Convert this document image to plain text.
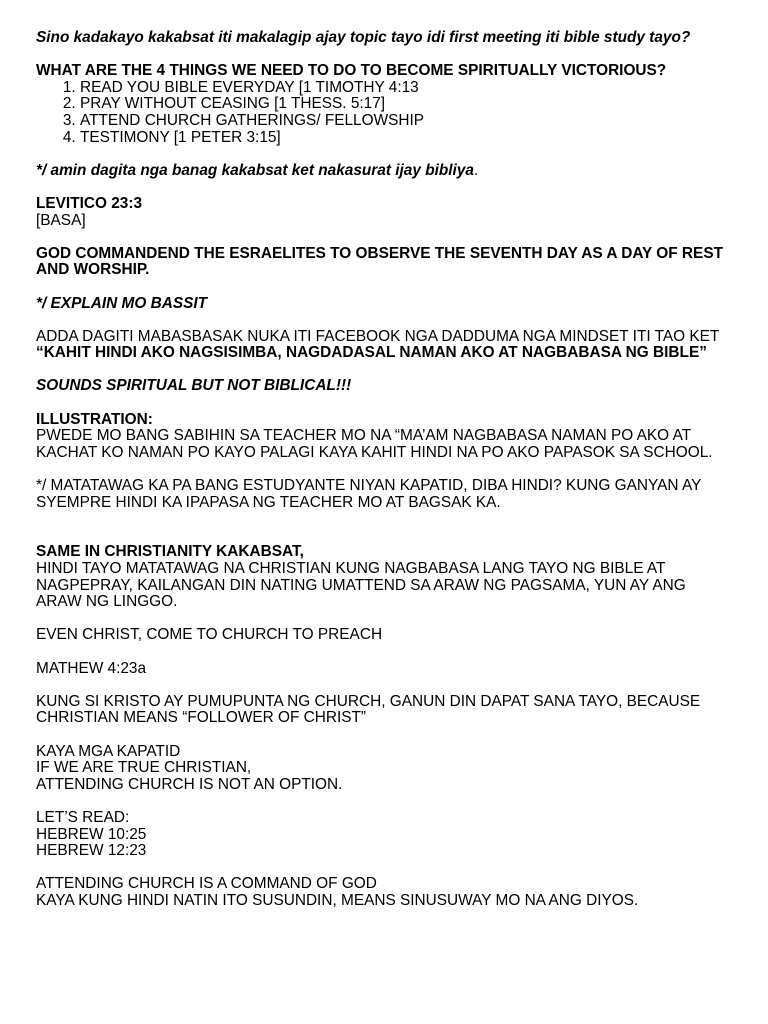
Sino kadakayo kakabsat iti makalagip ajay topic tayo idi first meeting iti bible study tayo?

WHAT ARE THE 4 THINGS WE NEED TO DO TO BECOME SPIRITUALLY VICTORIOUS?

1. READ YOU BIBLE EVERYDAY [1 TIMOTHY 4:13
2. PRAY WITHOUT CEASING [1 THESS. 5:17]
3. ATTEND CHURCH GATHERINGS/ FELLOWSHIP
4. TESTIMONY [1 PETER 3:15]

*/ amin dagita nga banag kakabsat ket nakasurat ijay bibliya.

LEVITICO 23:3

[BASA]

GOD COMMANDEND THE ESRAELITES TO OBSERVE THE SEVENTH DAY AS A DAY OF REST AND WORSHIP.

*/ EXPLAIN MO BASSIT

ADDA DAGITI MABASBASAK NUKA ITI FACEBOOK NGA DADDUMA NGA MINDSET ITI TAO KET “KAHIT HINDI AKO NAGSISIMBA, NAGDADASAL NAMAN AKO AT NAGBABASA NG BIBLE”

SOUNDS SPIRITUAL BUT NOT BIBLICAL!!!

ILLUSTRATION:

PWEDE MO BANG SABIHIN SA TEACHER MO NA “MA’AM NAGBABASA NAMAN PO AKO AT KACHAT KO NAMAN PO KAYO PALAGI KAYA KAHIT HINDI NA PO AKO PAPASOK SA SCHOOL.

*/ MATATAWAG KA PA BANG ESTUDYANTE NIYAN KAPATID, DIBA HINDI? KUNG GANYAN AY SYEMPRE HINDI KA IPAPASA NG TEACHER MO AT BAGSAK KA.

SAME IN CHRISTIANITY KAKABSAT,

HINDI TAYO MATATAWAG NA CHRISTIAN KUNG NAGBABASA LANG TAYO NG BIBLE AT NAGPEPRAY, KAILANGAN DIN NATING UMATTEND SA ARAW NG PAGSAMA, YUN AY ANG ARAW NG LINGGO.

EVEN CHRIST, COME TO CHURCH TO PREACH

MATHEW 4:23a

KUNG SI KRISTO AY PUMUPUNTA NG CHURCH, GANUN DIN DAPAT SANA TAYO, BECAUSE CHRISTIAN MEANS “FOLLOWER OF CHRIST”

KAYA MGA KAPATID

IF WE ARE TRUE CHRISTIAN,

ATTENDING CHURCH IS NOT AN OPTION.

LET’S READ:

HEBREW 10:25

HEBREW 12:23

ATTENDING CHURCH IS A COMMAND OF GOD

KAYA KUNG HINDI NATIN ITO SUSUNDIN, MEANS SINUSUWAY MO NA ANG DIYOS.
